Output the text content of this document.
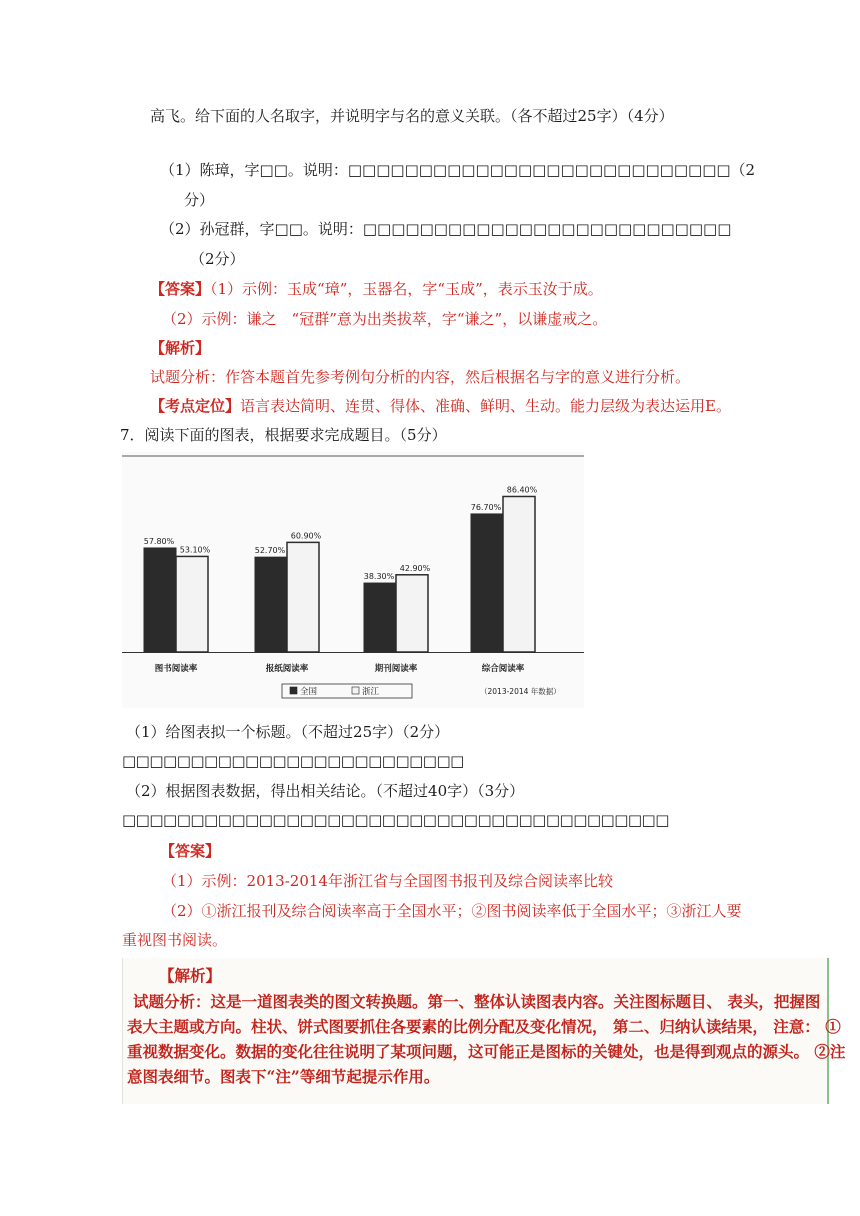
高飞。给下面的人名取字，并说明字与名的意义关联。（各不超过25字）（4分）
（1）陈璋，字□□。说明：□□□□□□□□□□□□□□□□□□□□□□□□□□□（2
分）
（2）孙冠群，字□□。说明：□□□□□□□□□□□□□□□□□□□□□□□□□□
（2分）
【答案】（1）示例：玉成“璋”，玉器名，字“玉成”，表示玉汝于成。
（2）示例：谦之　“冠群”意为出类拔萃，字“谦之”，以谦虚戒之。
【解析】
试题分析：作答本题首先参考例句分析的内容，然后根据名与字的意义进行分析。
【考点定位】语言表达简明、连贯、得体、准确、鲜明、生动。能力层级为表达运用E。
7．阅读下面的图表，根据要求完成题目。（5分）
57.80%
53.10%
图书阅读率
52.70%
60.90%
报纸阅读率
38.30%
42.90%
期刊阅读率
76.70%
86.40%
综合阅读率
全国	浙江	（2013-2014 年数据）
（1）给图表拟一个标题。（不超过25字）（2分）
□□□□□□□□□□□□□□□□□□□□□□□□□
（2）根据图表数据，得出相关结论。（不超过40字）（3分）
□□□□□□□□□□□□□□□□□□□□□□□□□□□□□□□□□□□□□□□□
【答案】
（1）示例：2013-2014年浙江省与全国图书报刊及综合阅读率比较
（2）①浙江报刊及综合阅读率高于全国水平；②图书阅读率低于全国水平；③浙江人要
重视图书阅读。
【解析】
试题分析：这是一道图表类的图文转换题。第一、整体认读图表内容。关注图标题目、 表头，把握图
表大主题或方向。柱状、饼式图要抓住各要素的比例分配及变化情况， 第二、归纳认读结果， 注意： ①
重视数据变化。数据的变化往往说明了某项问题，这可能正是图标的关键处，也是得到观点的源头。 ②注
意图表细节。图表下“注”等细节起提示作用。
